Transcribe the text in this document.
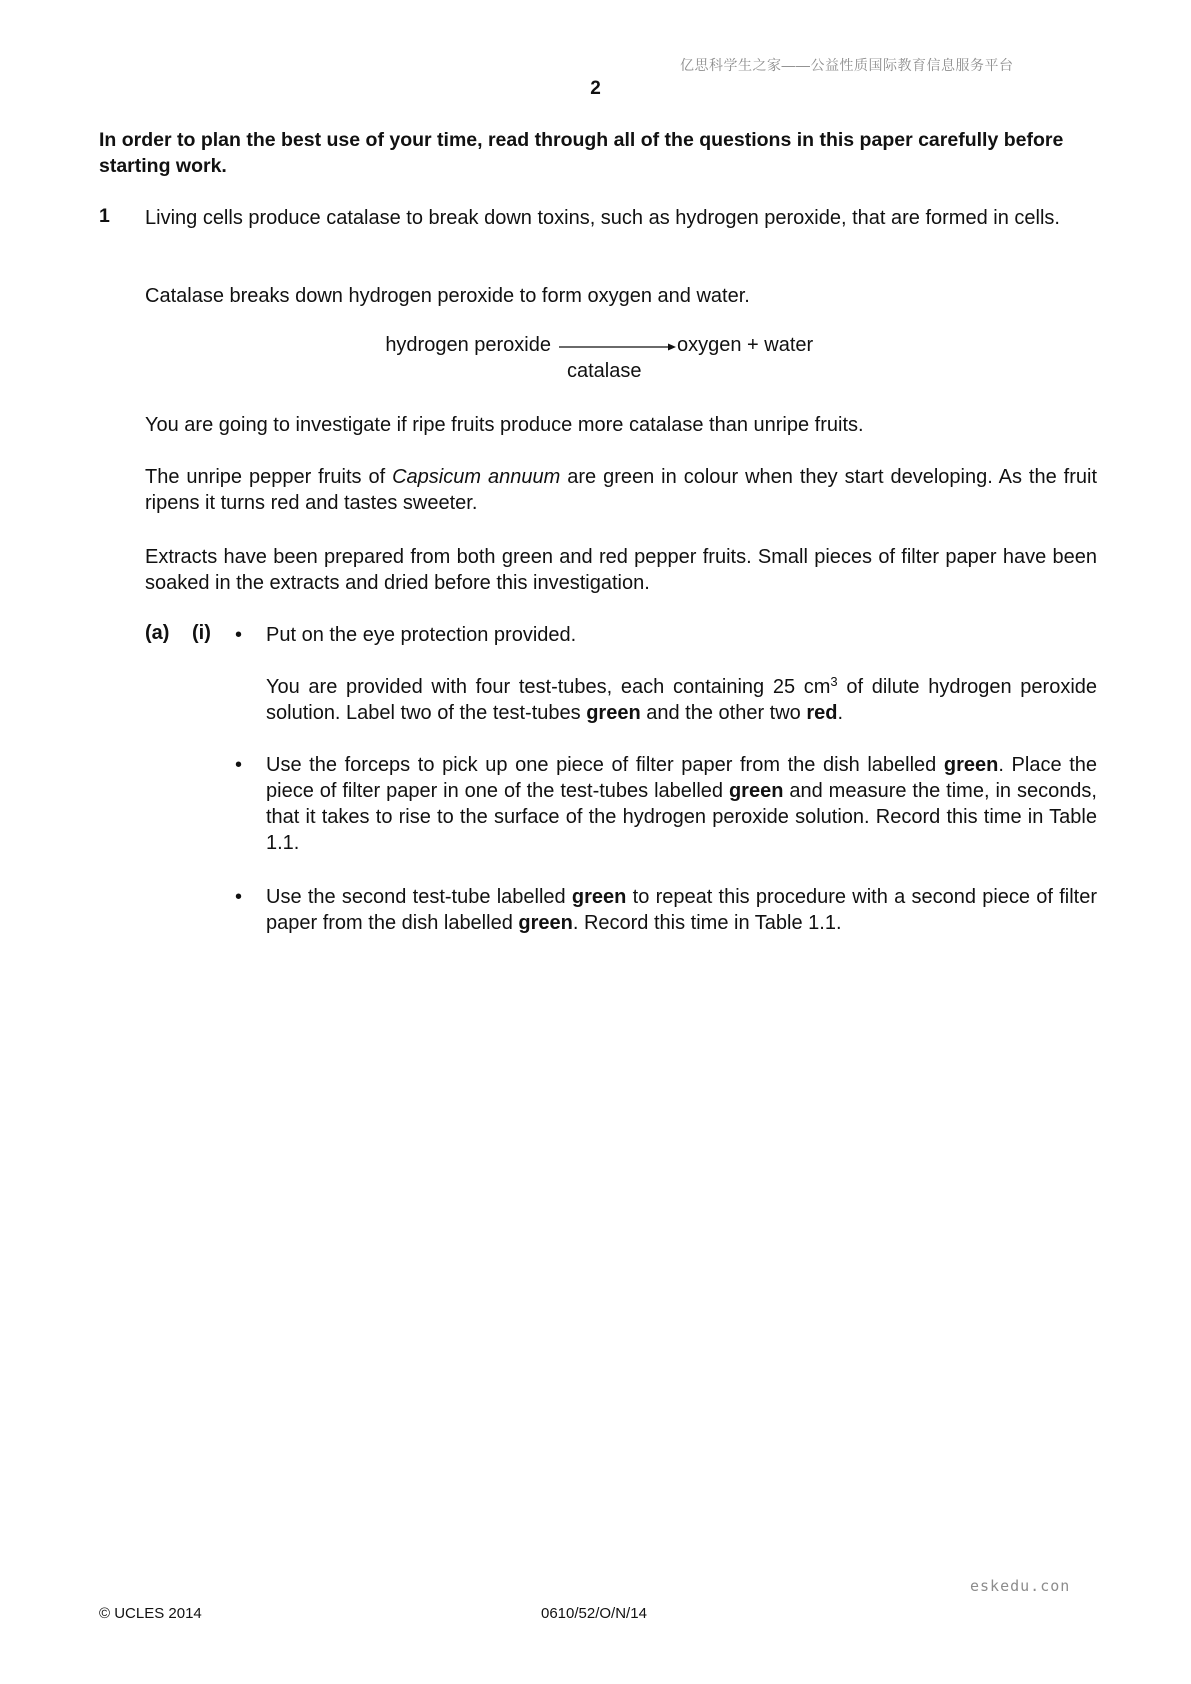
亿思科学生之家——公益性质国际教育信息服务平台
2
In order to plan the best use of your time, read through all of the questions in this paper carefully before starting work.
1 Living cells produce catalase to break down toxins, such as hydrogen peroxide, that are formed in cells.
Catalase breaks down hydrogen peroxide to form oxygen and water.
hydrogen peroxide	oxygen + water
catalase
You are going to investigate if ripe fruits produce more catalase than unripe fruits.
The unripe pepper fruits of Capsicum annuum are green in colour when they start developing. As the fruit ripens it turns red and tastes sweeter.
Extracts have been prepared from both green and red pepper fruits. Small pieces of filter paper have been soaked in the extracts and dried before this investigation.
(a) (i) • Put on the eye protection provided.
You are provided with four test-tubes, each containing 25 $cm^3$ of dilute hydrogen peroxide solution. Label two of the test-tubes green and the other two red.
• Use the forceps to pick up one piece of filter paper from the dish labelled green. Place the piece of filter paper in one of the test-tubes labelled green and measure the time, in seconds, that it takes to rise to the surface of the hydrogen peroxide solution. Record this time in Table 1.1.
• Use the second test-tube labelled green to repeat this procedure with a second piece of filter paper from the dish labelled green. Record this time in Table 1.1.
eskedu.con
© UCLES 2014	0610/52/O/N/14
